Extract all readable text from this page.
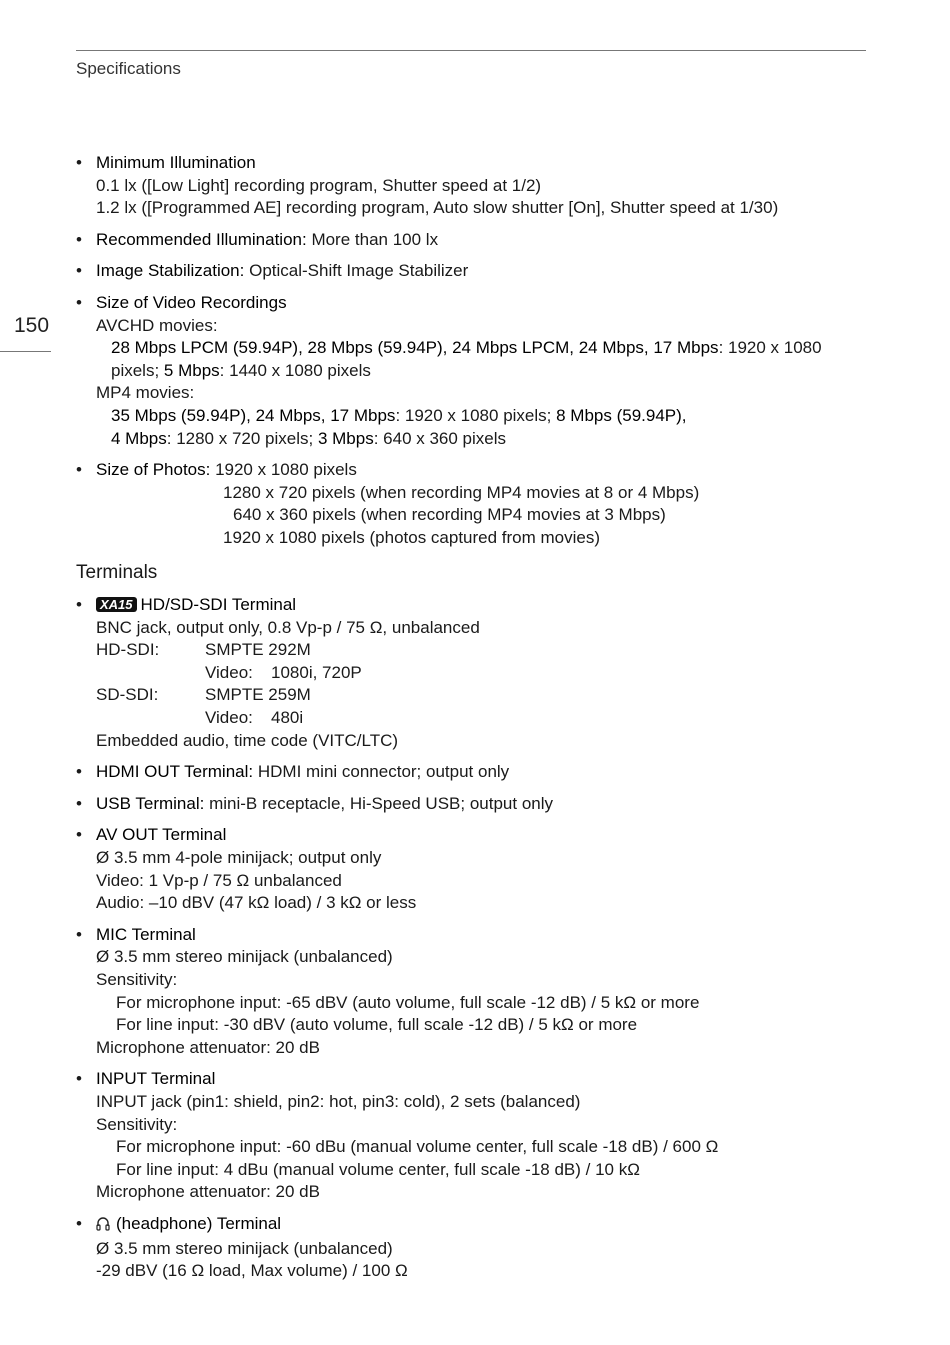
Specifications
150
• Minimum Illumination
0.1 lx ([Low Light] recording program, Shutter speed at 1/2)
1.2 lx ([Programmed AE] recording program, Auto slow shutter [On], Shutter speed at 1/30)
• Recommended Illumination: More than 100 lx
• Image Stabilization: Optical-Shift Image Stabilizer
• Size of Video Recordings
AVCHD movies:
28 Mbps LPCM (59.94P), 28 Mbps (59.94P), 24 Mbps LPCM, 24 Mbps, 17 Mbps: 1920 x 1080
pixels; 5 Mbps: 1440 x 1080 pixels
MP4 movies:
35 Mbps (59.94P), 24 Mbps, 17 Mbps: 1920 x 1080 pixels; 8 Mbps (59.94P),
4 Mbps: 1280 x 720 pixels; 3 Mbps: 640 x 360 pixels
• Size of Photos: 1920 x 1080 pixels
1280 x 720 pixels (when recording MP4 movies at 8 or 4 Mbps)
640 x 360 pixels (when recording MP4 movies at 3 Mbps)
1920 x 1080 pixels (photos captured from movies)
Terminals
•	XA15 HD/SD-SDI Terminal
BNC jack, output only, 0.8 Vp-p / 75 Ω, unbalanced
HD-SDI:	SMPTE 292M
Video:	1080i, 720P
SD-SDI:	SMPTE 259M
Video:	480i
Embedded audio, time code (VITC/LTC)
• HDMI OUT Terminal: HDMI mini connector; output only
• USB Terminal: mini-B receptacle, Hi-Speed USB; output only
• AV OUT Terminal
Ø 3.5 mm 4-pole minijack; output only
Video: 1 Vp-p / 75 Ω unbalanced
Audio: –10 dBV (47 kΩ load) / 3 kΩ or less
• MIC Terminal
Ø 3.5 mm stereo minijack (unbalanced)
Sensitivity:
For microphone input: -65 dBV (auto volume, full scale -12 dB) / 5 kΩ or more
For line input: -30 dBV (auto volume, full scale -12 dB) / 5 kΩ or more
Microphone attenuator: 20 dB
• INPUT Terminal
INPUT jack (pin1: shield, pin2: hot, pin3: cold), 2 sets (balanced)
Sensitivity:
For microphone input: -60 dBu (manual volume center, full scale -18 dB) / 600 Ω
For line input: 4 dBu (manual volume center, full scale -18 dB) / 10 kΩ
Microphone attenuator: 20 dB
•	(headphone) Terminal
Ø 3.5 mm stereo minijack (unbalanced)
-29 dBV (16 Ω load, Max volume) / 100 Ω
